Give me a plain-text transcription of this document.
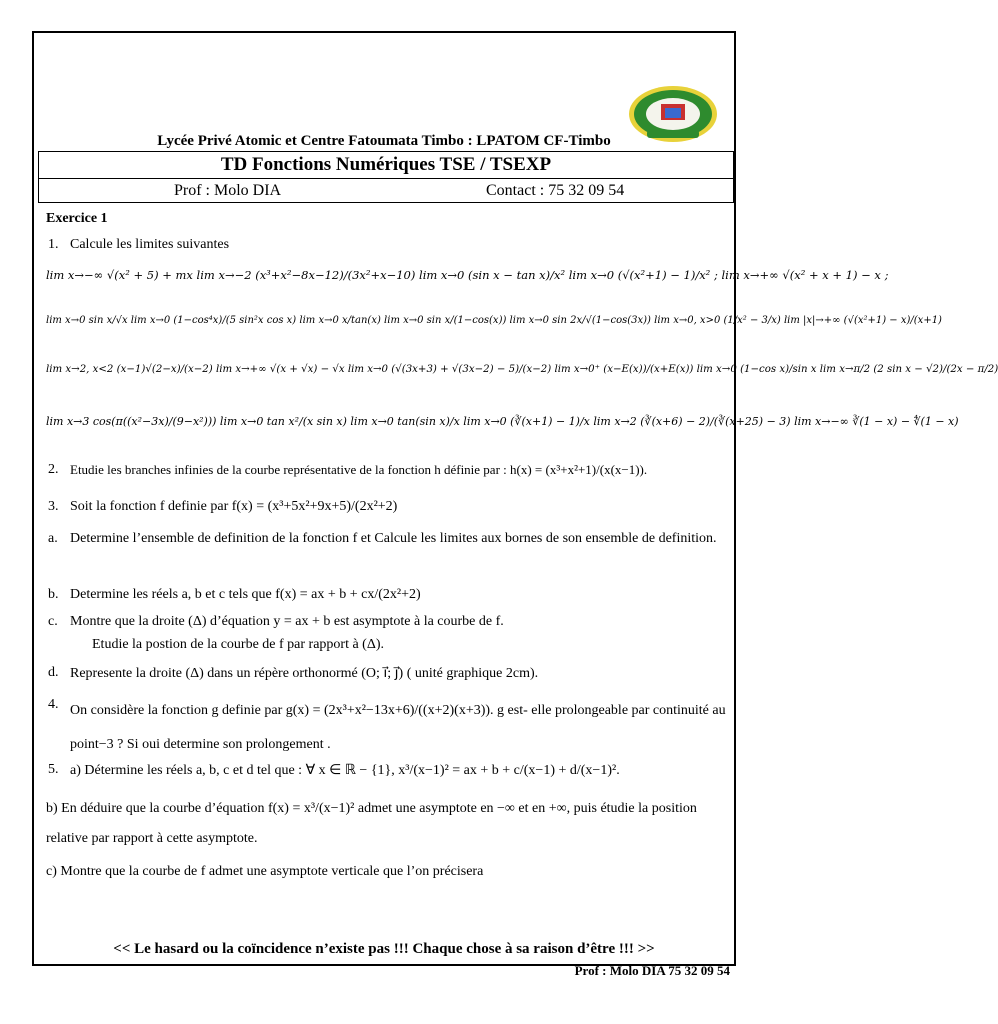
Lycée Privé Atomic et Centre Fatoumata Timbo : LPATOM CF-Timbo
TD Fonctions Numériques TSE / TSEXP
Prof : Molo DIA	Contact : 75 32 09 54
Exercice 1
1. Calcule les limites suivantes
lim x→−∞ √(x² + 5) + mx lim x→−2 (x³+x²−8x−12)/(3x²+x−10) lim x→0 (sin x − tan x)/x² lim x→0 (√(x²+1) − 1)/x² ; lim x→+∞ √(x² + x + 1) − x ;
lim x→0 sin x/√x lim x→0 (1−cos⁴x)/(5 sin²x cos x) lim x→0 x/tan(x) lim x→0 sin x/(1−cos(x)) lim x→0 sin 2x/√(1−cos(3x)) lim x→0, x>0 (1/x² − 3/x) lim |x|→+∞ (√(x²+1) − x)/(x+1)
lim x→2, x<2 (x−1)√(2−x)/(x−2) lim x→+∞ √(x + √x) − √x lim x→0 (√(3x+3) + √(3x−2) − 5)/(x−2) lim x→0⁺ (x−E(x))/(x+E(x)) lim x→0 (1−cos x)/sin x lim x→π/2 (2 sin x − √2)/(2x − π/2)
lim x→3 cos(π((x²−3x)/(9−x²))) lim x→0 tan x²/(x sin x) lim x→0 tan(sin x)/x lim x→0 (∛(x+1) − 1)/x lim x→2 (∛(x+6) − 2)/(∛(x+25) − 3) lim x→−∞ ∛(1 − x) − ∜(1 − x)
2. Etudie les branches infinies de la courbe représentative de la fonction h définie par : h(x) = (x³+x²+1)/(x(x−1)).
3. Soit la fonction f definie par f(x) = (x³+5x²+9x+5)/(2x²+2)
a. Determine l’ensemble de definition de la fonction f et Calcule les limites aux bornes de son ensemble de definition.
b. Determine les réels a, b et c tels que f(x) = ax + b + cx/(2x²+2)
c. Montre que la droite (Δ) d’équation y = ax + b est asymptote à la courbe de f.
Etudie la postion de la courbe de f par rapport à (Δ).
d. Represente la droite (Δ) dans un répère orthonormé (O; i⃗; j⃗) ( unité graphique 2cm).
4. On considère la fonction g definie par g(x) = (2x³+x²−13x+6)/((x+2)(x+3)). g est- elle prolongeable par continuité au point−3 ? Si oui determine son prolongement .
5. a) Détermine les réels a, b, c et d tel que : ∀ x ∈ ℝ − {1}, x³/(x−1)² = ax + b + c/(x−1) + d/(x−1)².
b) En déduire que la courbe d’équation f(x) = x³/(x−1)² admet une asymptote en −∞ et en +∞, puis étudie la position relative par rapport à cette asymptote.
c) Montre que la courbe de f admet une asymptote verticale que l’on précisera
<< Le hasard ou la coïncidence n’existe pas !!! Chaque chose à sa raison d’être !!! >>
Prof : Molo DIA 75 32 09 54
